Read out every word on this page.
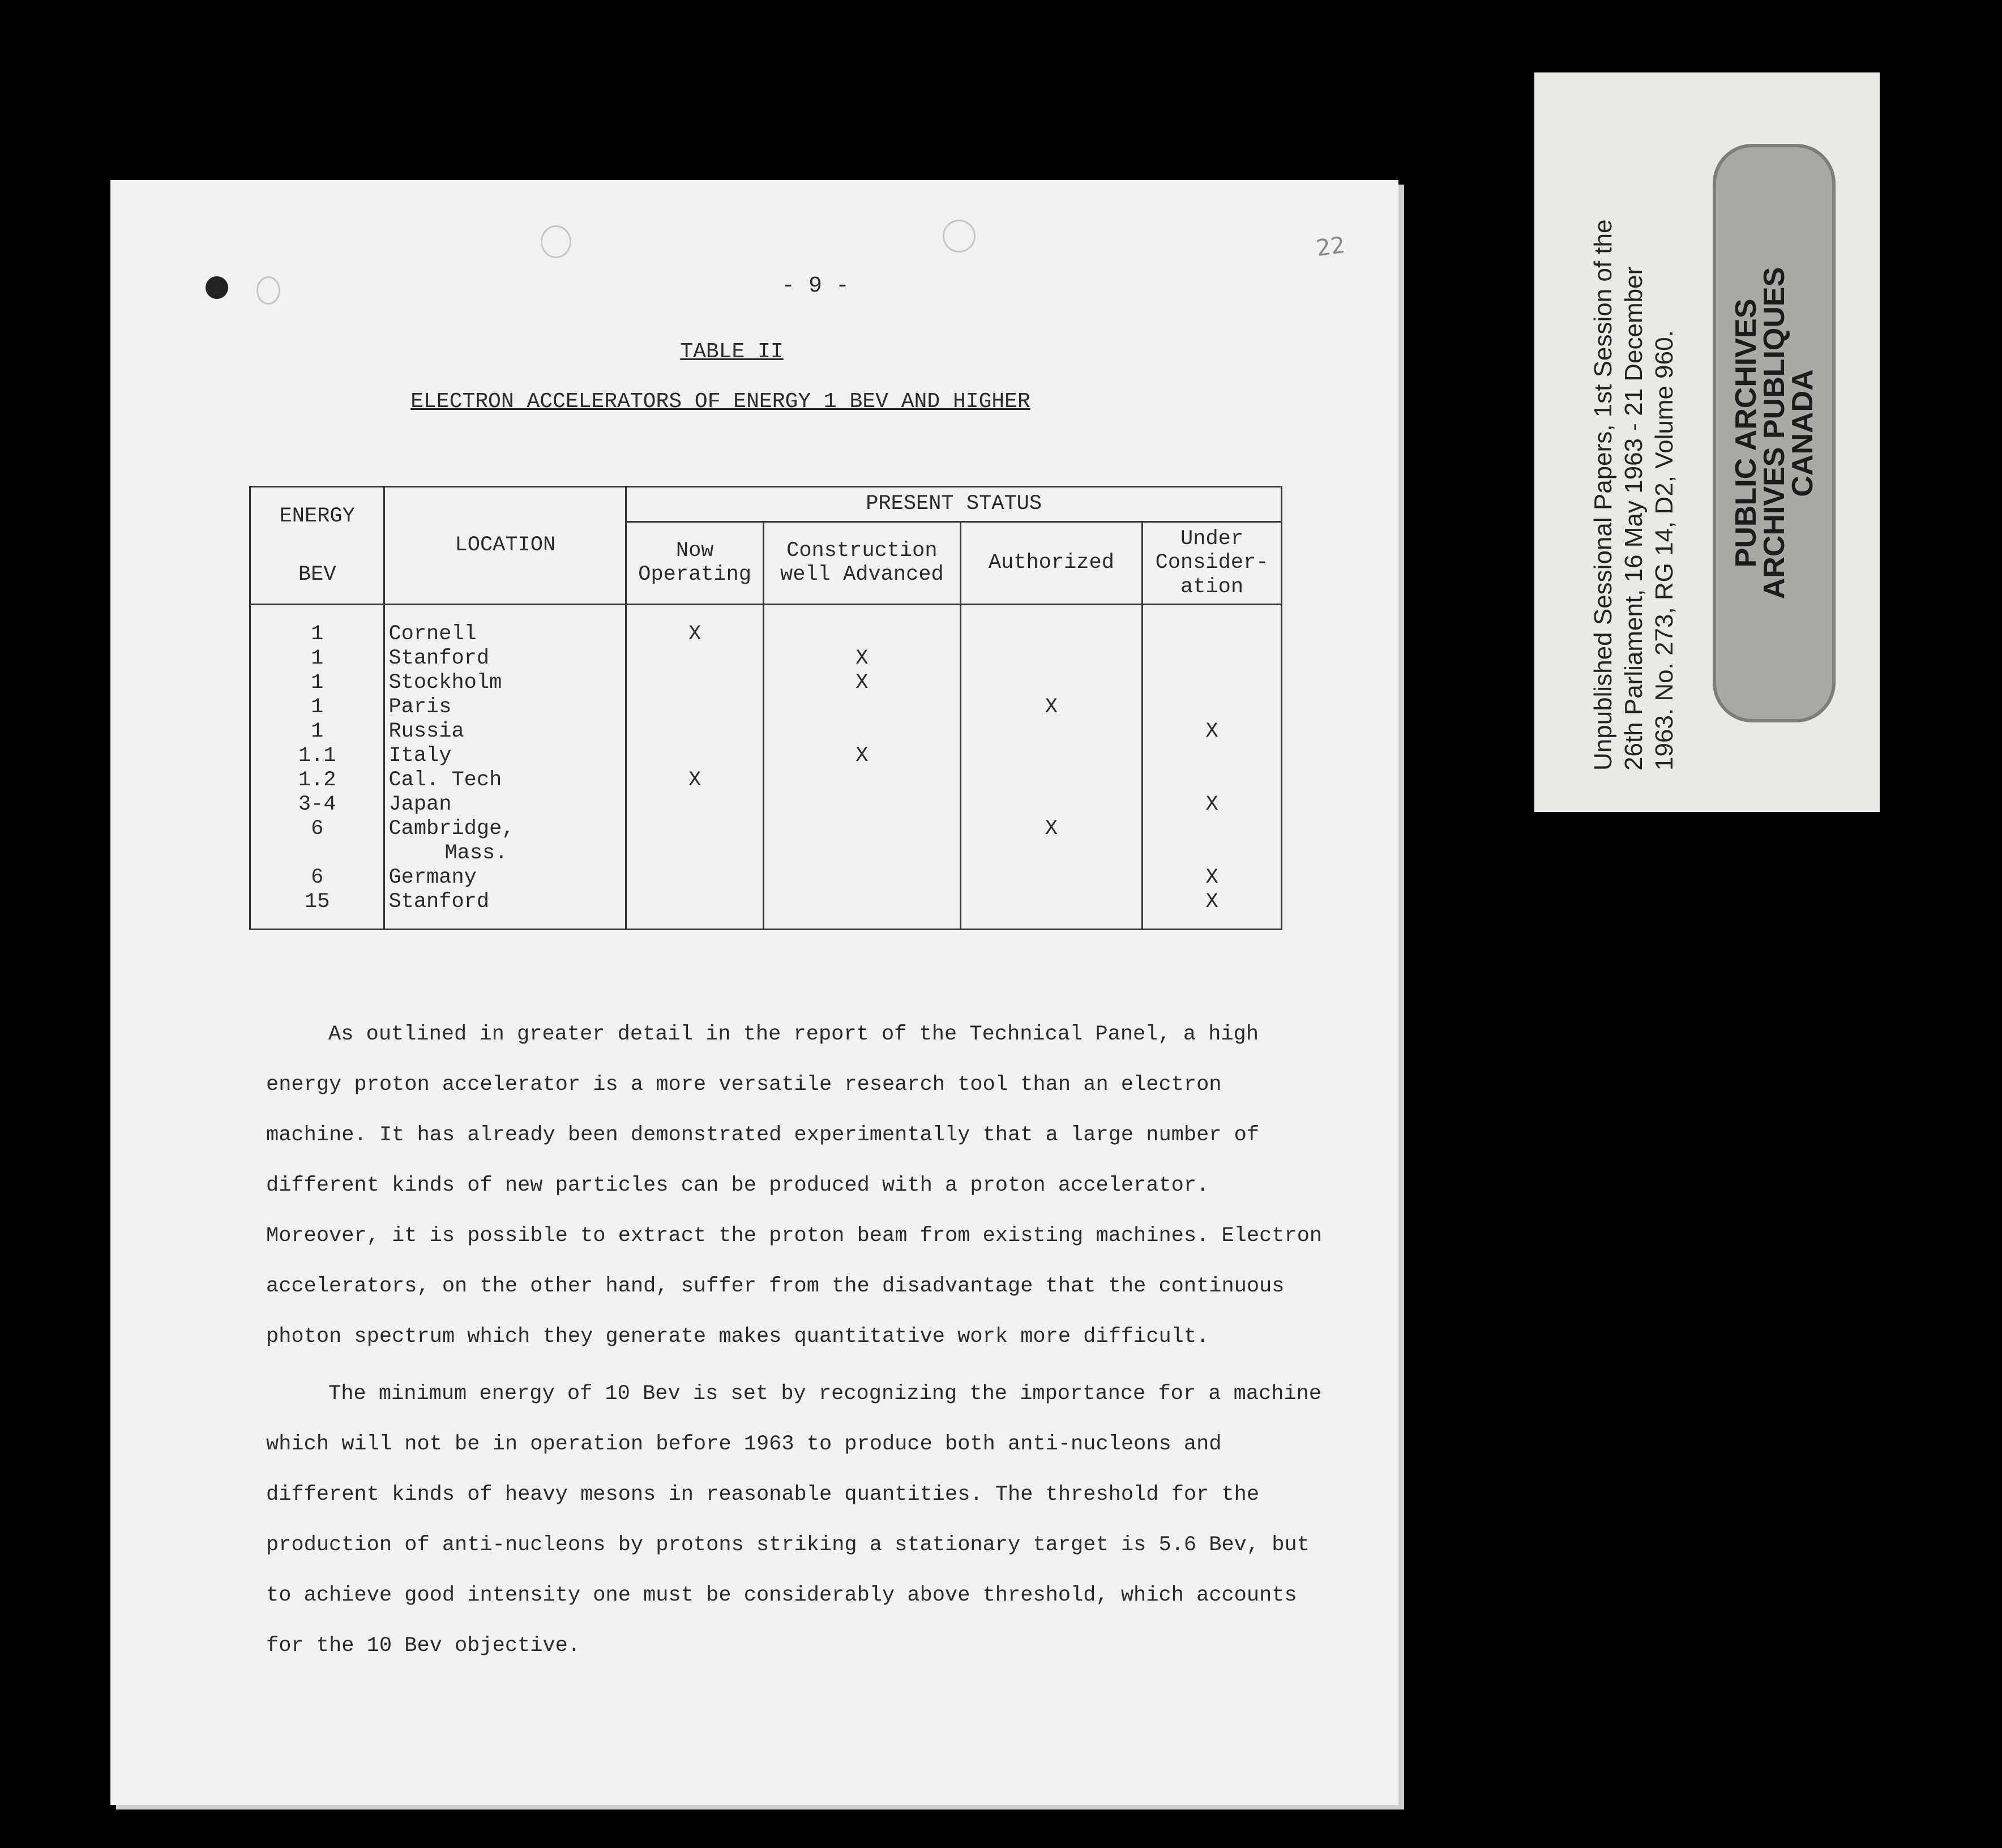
22
- 9 -
TABLE II
ELECTRON ACCELERATORS OF ENERGY 1 BEV AND HIGHER
ENERGY
BEV	LOCATION	PRESENT STATUS			
		Now Operating	Construction well Advanced	Authorized	Under Consider-ation
1	Cornell	X			
1	Stanford		X		
1	Stockholm		X		
1	Paris			X	
1	Russia				X
1.1	Italy		X		
1.2	Cal. Tech	X			
3-4	Japan				X
6	Cambridge,			X	
	Mass.				
6	Germany				X
15	Stanford				X

As outlined in greater detail in the report of the Technical Panel, a high energy proton accelerator is a more versatile research tool than an electron machine. It has already been demonstrated experimentally that a large number of different kinds of new particles can be produced with a proton accelerator. Moreover, it is possible to extract the proton beam from existing machines. Electron accelerators, on the other hand, suffer from the disadvantage that the continuous photon spectrum which they generate makes quantitative work more difficult.

The minimum energy of 10 Bev is set by recognizing the importance for a machine which will not be in operation before 1963 to produce both anti-nucleons and different kinds of heavy mesons in reasonable quantities. The threshold for the production of anti-nucleons by protons striking a stationary target is 5.6 Bev, but to achieve good intensity one must be considerably above threshold, which accounts for the 10 Bev objective.

Unpublished Sessional Papers, 1st Session of the 26th Parliament, 16 May 1963 - 21 December 1963. No. 273, RG 14, D2, Volume 960. PUBLIC ARCHIVES
ARCHIVES PUBLIQUES
CANADA
